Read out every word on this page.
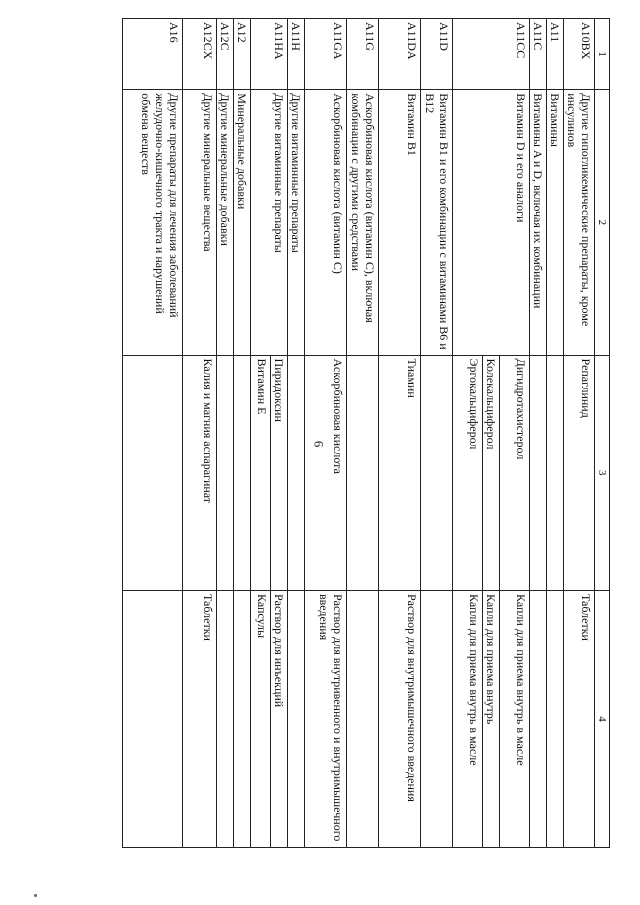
6
1	2	3	4
A10BX	Другие гипогликемические препараты, кроме инсулинов	Репаглинид	Таблетки
A11	Витамины		
A11C	Витамины A и D, включая их комбинации		
A11CC	Витамин D и его аналоги	Дигидротахистерол	Капли для приема внутрь в масле
		Колекальциферол	Капли для приема внутрь
		Эргокальциферол	Капли для приема внутрь в масле
A11D	Витамин B1 и его комбинации с витаминами B6 и B12		
A11DA	Витамин B1	Тиамин	Раствор для внутримышечного введения
A11G	Аскорбиновая кислота (витамин C), включая комбинации с другими средствами		
A11GA	Аскорбиновая кислота (витамин C)	Аскорбиновая кислота	Раствор для внутривенного и внутримышечного введения
A11H	Другие витаминные препараты		
A11HA	Другие витаминные препараты	Пиридоксин	Раствор для инъекций
		Витамин Е	Капсулы
A12	Минеральные добавки		
A12C	Другие минеральные добавки		
A12CX	Другие минеральные вещества	Калия и магния аспарагинат	Таблетки
A16	Другие препараты для лечения заболеваний желудочно-кишечного тракта и нарушений обмена веществ		
